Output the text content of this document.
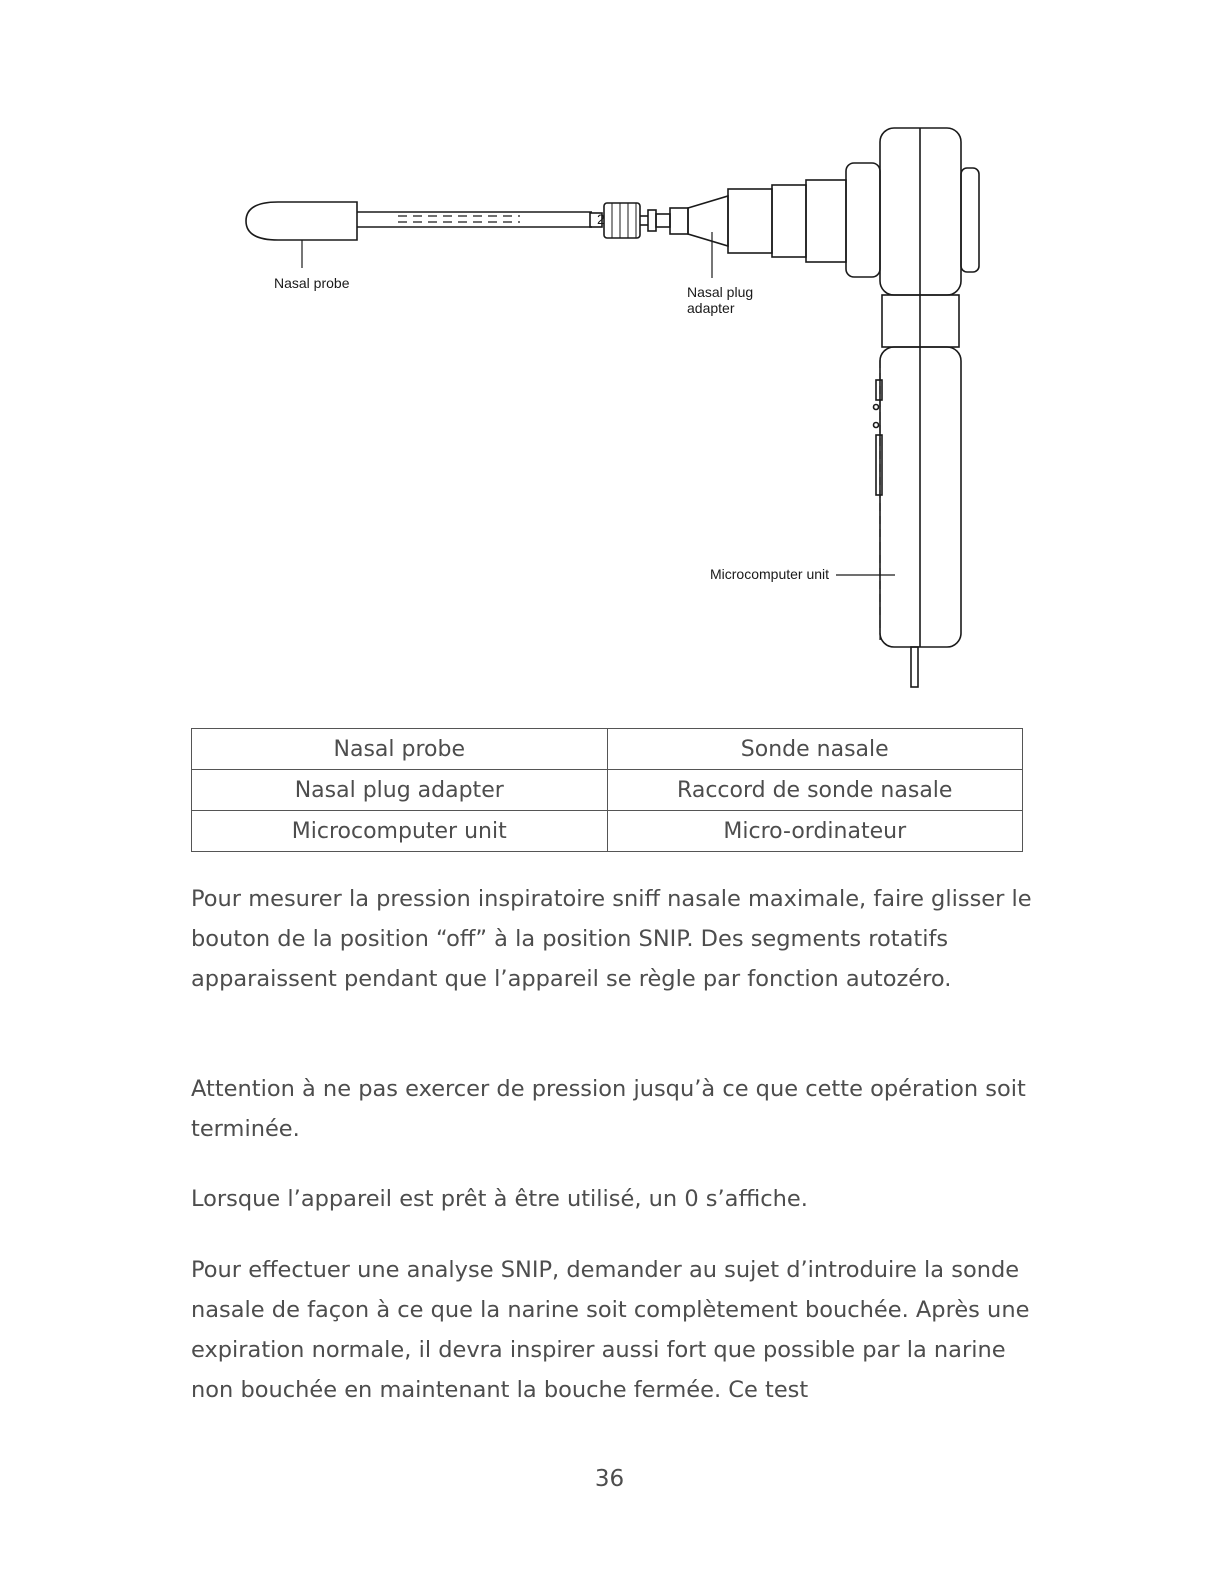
2
Nasal probe
Nasal plug
adapter
Microcomputer unit
Nasal probe	Sonde nasale
Nasal plug adapter	Raccord de sonde nasale
Microcomputer unit	Micro-ordinateur

Pour mesurer la pression inspiratoire sniff nasale maximale, faire glisser le bouton de la position “off” à la position SNIP. Des segments rotatifs apparaissent pendant que l’appareil se règle par fonction autozéro.

Attention à ne pas exercer de pression jusqu’à ce que cette opération soit terminée.

Lorsque l’appareil est prêt à être utilisé, un 0 s’affiche.

Pour effectuer une analyse SNIP, demander au sujet d’introduire la sonde nasale de façon à ce que la narine soit complètement bouchée. Après une expiration normale, il devra inspirer aussi fort que possible par la narine non bouchée en maintenant la bouche fermée. Ce test

36
